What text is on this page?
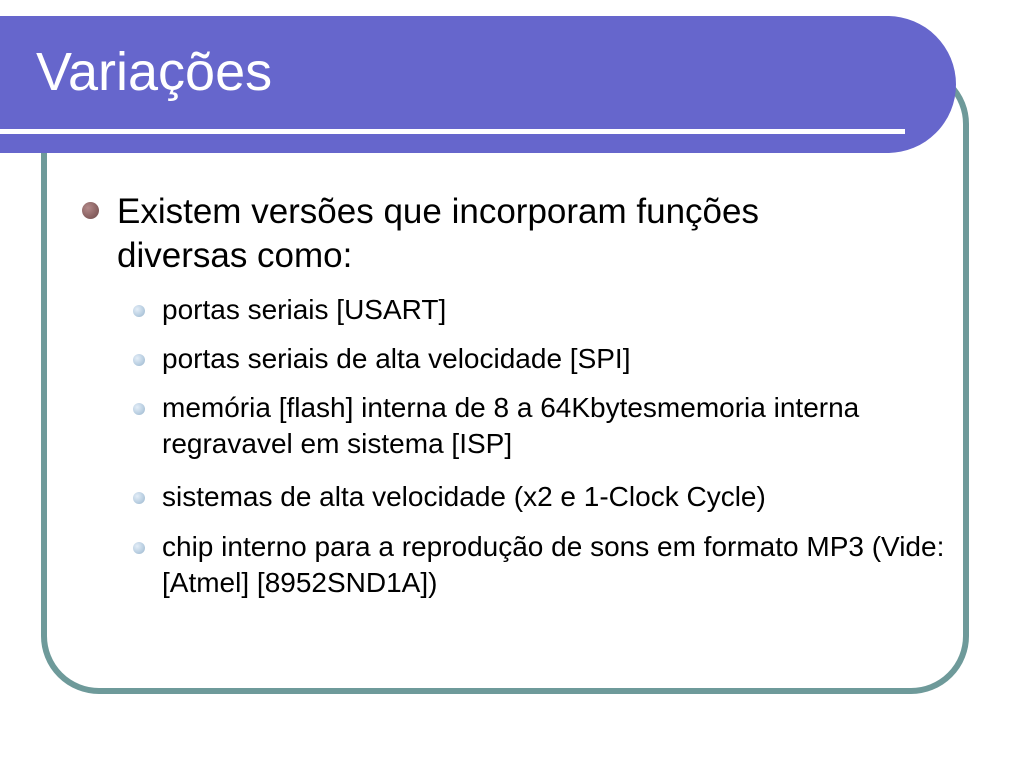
Variações
Existem versões que incorporam funções diversas como:
portas seriais [USART]
portas seriais de alta velocidade [SPI]
memória [flash] interna de 8 a 64Kbytesmemoria interna regravavel em sistema [ISP]
sistemas de alta velocidade (x2 e 1-Clock Cycle)
chip interno para a reprodução de sons em formato MP3 (Vide: [Atmel] [8952SND1A])
